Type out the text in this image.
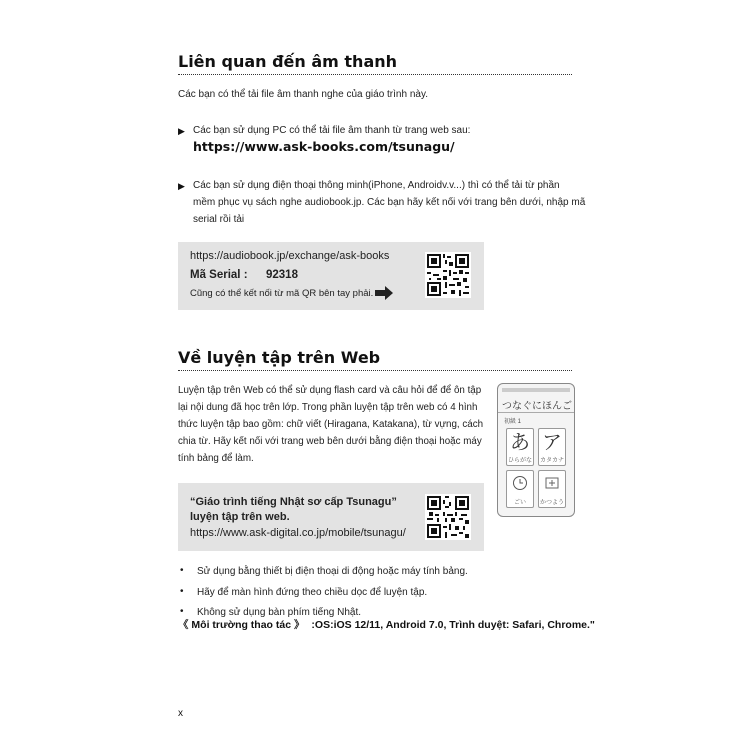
Liên quan đến âm thanh
Các bạn có thể tải file âm thanh nghe của giáo trình này.
▶ Các bạn sử dụng PC có thể tải file âm thanh từ trang web sau:
https://www.ask-books.com/tsunagu/
▶ Các bạn sử dụng điện thoại thông minh(iPhone, Androidv.v...) thì có thể tải từ phần
mềm phục vụ sách nghe audiobook.jp. Các bạn hãy kết nối với trang bên dưới, nhập mã
serial rồi tải
https://audiobook.jp/exchange/ask-books
Mã Serial : 92318
Cũng có thể kết nối từ mã QR bên tay phải.
Về luyện tập trên Web
Luyện tập trên Web có thể sử dụng flash card và câu hỏi để để ôn tập
lại nội dung đã học trên lớp. Trong phần luyện tập trên web có 4 hình
thức luyện tập bao gồm: chữ viết (Hiragana, Katakana), từ vựng, cách
chia từ. Hãy kết nối với trang web bên dưới bằng điện thoại hoặc máy
tính bảng để làm.
つなぐにほんご
初級 1
あ
ひらがな
ア
カタカナ
ごい	かつよう
“Giáo trình tiếng Nhật sơ cấp Tsunagu”
luyện tập trên web.
https://www.ask-digital.co.jp/mobile/tsunagu/
• Sử dụng bằng thiết bị điện thoại di động hoặc máy tính bảng.
• Hãy để màn hình đứng theo chiều dọc để luyện tập.
• Không sử dụng bàn phím tiếng Nhật.
《 Môi trường thao tác 》 :OS:iOS 12/11, Android 7.0, Trình duyệt: Safari, Chrome."
x
